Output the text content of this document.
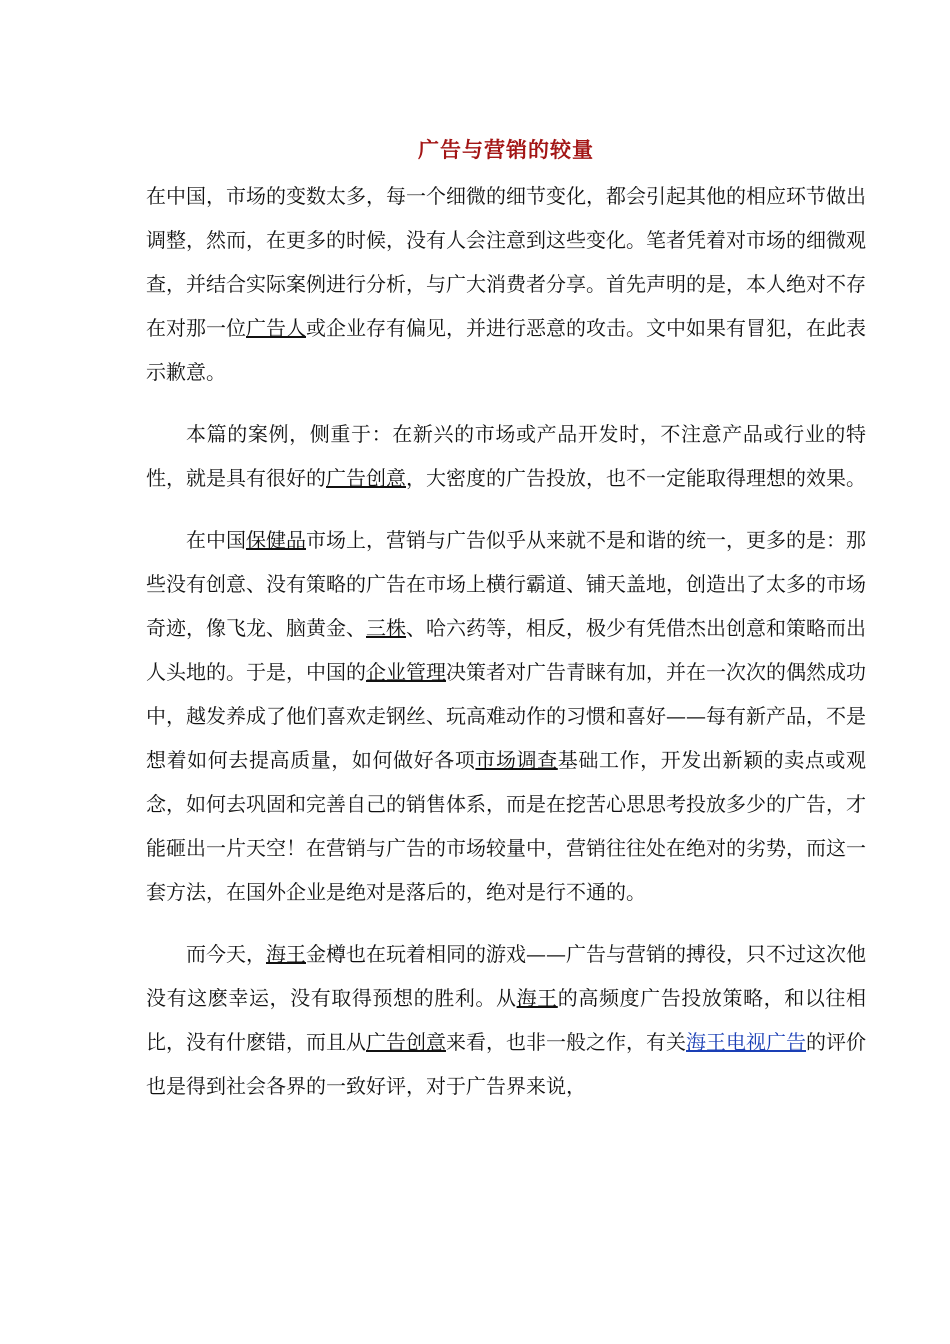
广告与营销的较量

在中国，市场的变数太多，每一个细微的细节变化，都会引起其他的相应环节做出调整，然而，在更多的时候，没有人会注意到这些变化。笔者凭着对市场的细微观查，并结合实际案例进行分析，与广大消费者分享。首先声明的是，本人绝对不存在对那一位广告人或企业存有偏见，并进行恶意的攻击。文中如果有冒犯，在此表示歉意。

本篇的案例，侧重于：在新兴的市场或产品开发时，不注意产品或行业的特性，就是具有很好的广告创意，大密度的广告投放，也不一定能取得理想的效果。

在中国保健品市场上，营销与广告似乎从来就不是和谐的统一，更多的是：那些没有创意、没有策略的广告在市场上横行霸道、铺天盖地，创造出了太多的市场奇迹，像飞龙、脑黄金、三株、哈六药等，相反，极少有凭借杰出创意和策略而出人头地的。于是，中国的企业管理决策者对广告青睐有加，并在一次次的偶然成功中，越发养成了他们喜欢走钢丝、玩高难动作的习惯和喜好——每有新产品，不是想着如何去提高质量，如何做好各项市场调查基础工作，开发出新颖的卖点或观念，如何去巩固和完善自己的销售体系，而是在挖苦心思思考投放多少的广告，才能砸出一片天空！在营销与广告的市场较量中，营销往往处在绝对的劣势，而这一套方法，在国外企业是绝对是落后的，绝对是行不通的。

而今天，海王金樽也在玩着相同的游戏——广告与营销的搏役，只不过这次他没有这麽幸运，没有取得预想的胜利。从海王的高频度广告投放策略，和以往相比，没有什麽错，而且从广告创意来看，也非一般之作，有关海王电视广告的评价也是得到社会各界的一致好评，对于广告界来说，
